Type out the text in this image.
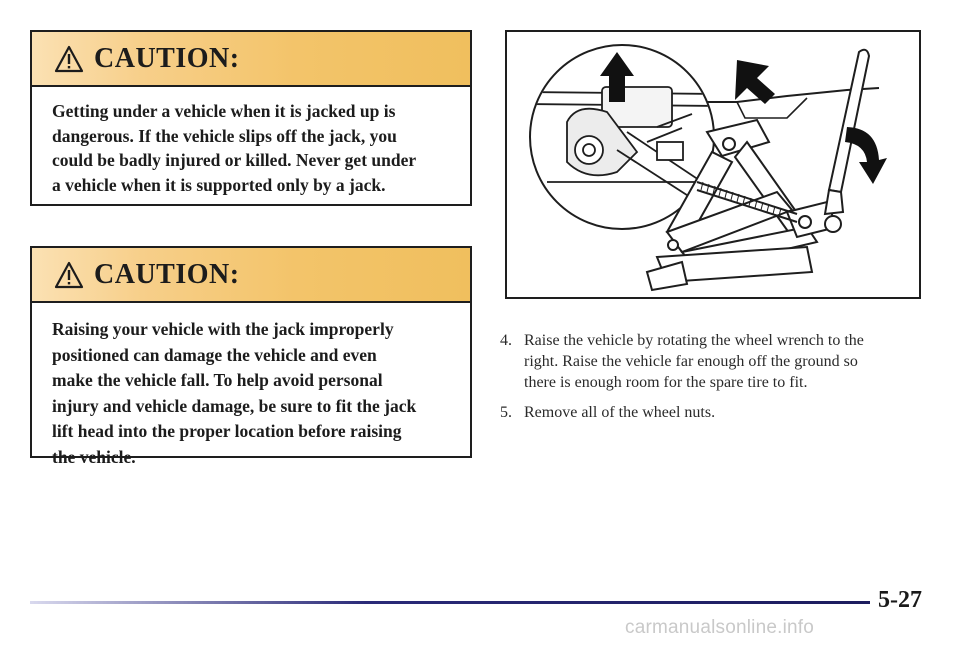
CAUTION:
Getting under a vehicle when it is jacked up is
dangerous. If the vehicle slips off the jack, you
could be badly injured or killed. Never get under
a vehicle when it is supported only by a jack.
CAUTION:
Raising your vehicle with the jack improperly
positioned can damage the vehicle and even
make the vehicle fall. To help avoid personal
injury and vehicle damage, be sure to fit the jack
lift head into the proper location before raising
the vehicle.
4. Raise the vehicle by rotating the wheel wrench to the
right. Raise the vehicle far enough off the ground so
there is enough room for the spare tire to fit.
5. Remove all of the wheel nuts.
5-27
carmanualsonline.info
